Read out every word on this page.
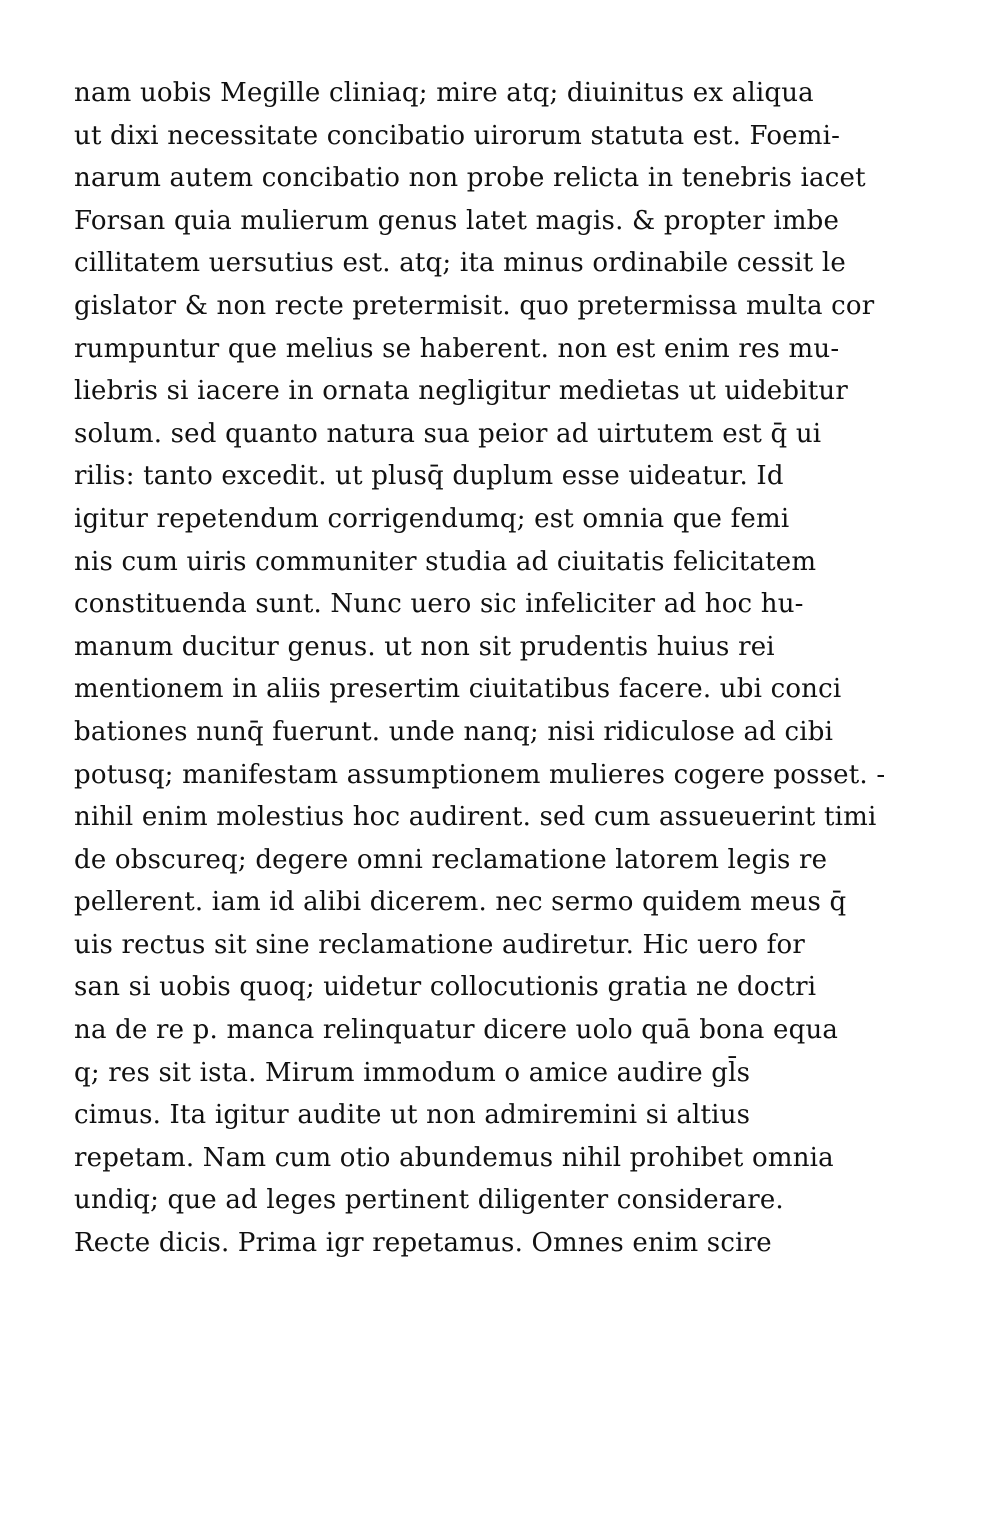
nam uobis Megille cliniaq; mire atq; diuinitus ex aliqua
ut dixi necessitate concibatio uirorum statuta est. Foemi-
narum autem concibatio non probe relicta in tenebris iacet
Forsan quia mulierum genus latet magis. & propter imbe
cillitatem uersutius est. atq; ita minus ordinabile cessit le
gislator & non recte pretermisit. quo pretermissa multa cor
rumpuntur que melius se haberent. non est enim res mu-
liebris si iacere in ornata negligitur medietas ut uidebitur
solum. sed quanto natura sua peior ad uirtutem est q̄ ui
rilis: tanto excedit. ut plusq̄ duplum esse uideatur. Id
igitur repetendum corrigendumq; est omnia que femi
nis cum uiris communiter studia ad ciuitatis felicitatem
constituenda sunt. Nunc uero sic infeliciter ad hoc hu-
manum ducitur genus. ut non sit prudentis huius rei
mentionem in aliis presertim ciuitatibus facere. ubi conci
bationes nunq̄ fuerunt. unde nanq; nisi ridiculose ad cibi
potusq; manifestam assumptionem mulieres cogere posset. -
nihil enim molestius hoc audirent. sed cum assueuerint timi
de obscureq; degere omni reclamatione latorem legis re
pellerent. iam id alibi dicerem. nec sermo quidem meus q̄
uis rectus sit sine reclamatione audiretur. Hic uero for
san si uobis quoq; uidetur collocutionis gratia ne doctri
na de re p. manca relinquatur dicere uolo quā bona equa
q; res sit ista. Mirum immodum o amice audire gl̄s
cimus. Ita igitur audite ut non admiremini si altius
repetam. Nam cum otio abundemus nihil prohibet omnia
undiq; que ad leges pertinent diligenter considerare.
Recte dicis. Prima igr repetamus. Omnes enim scire
